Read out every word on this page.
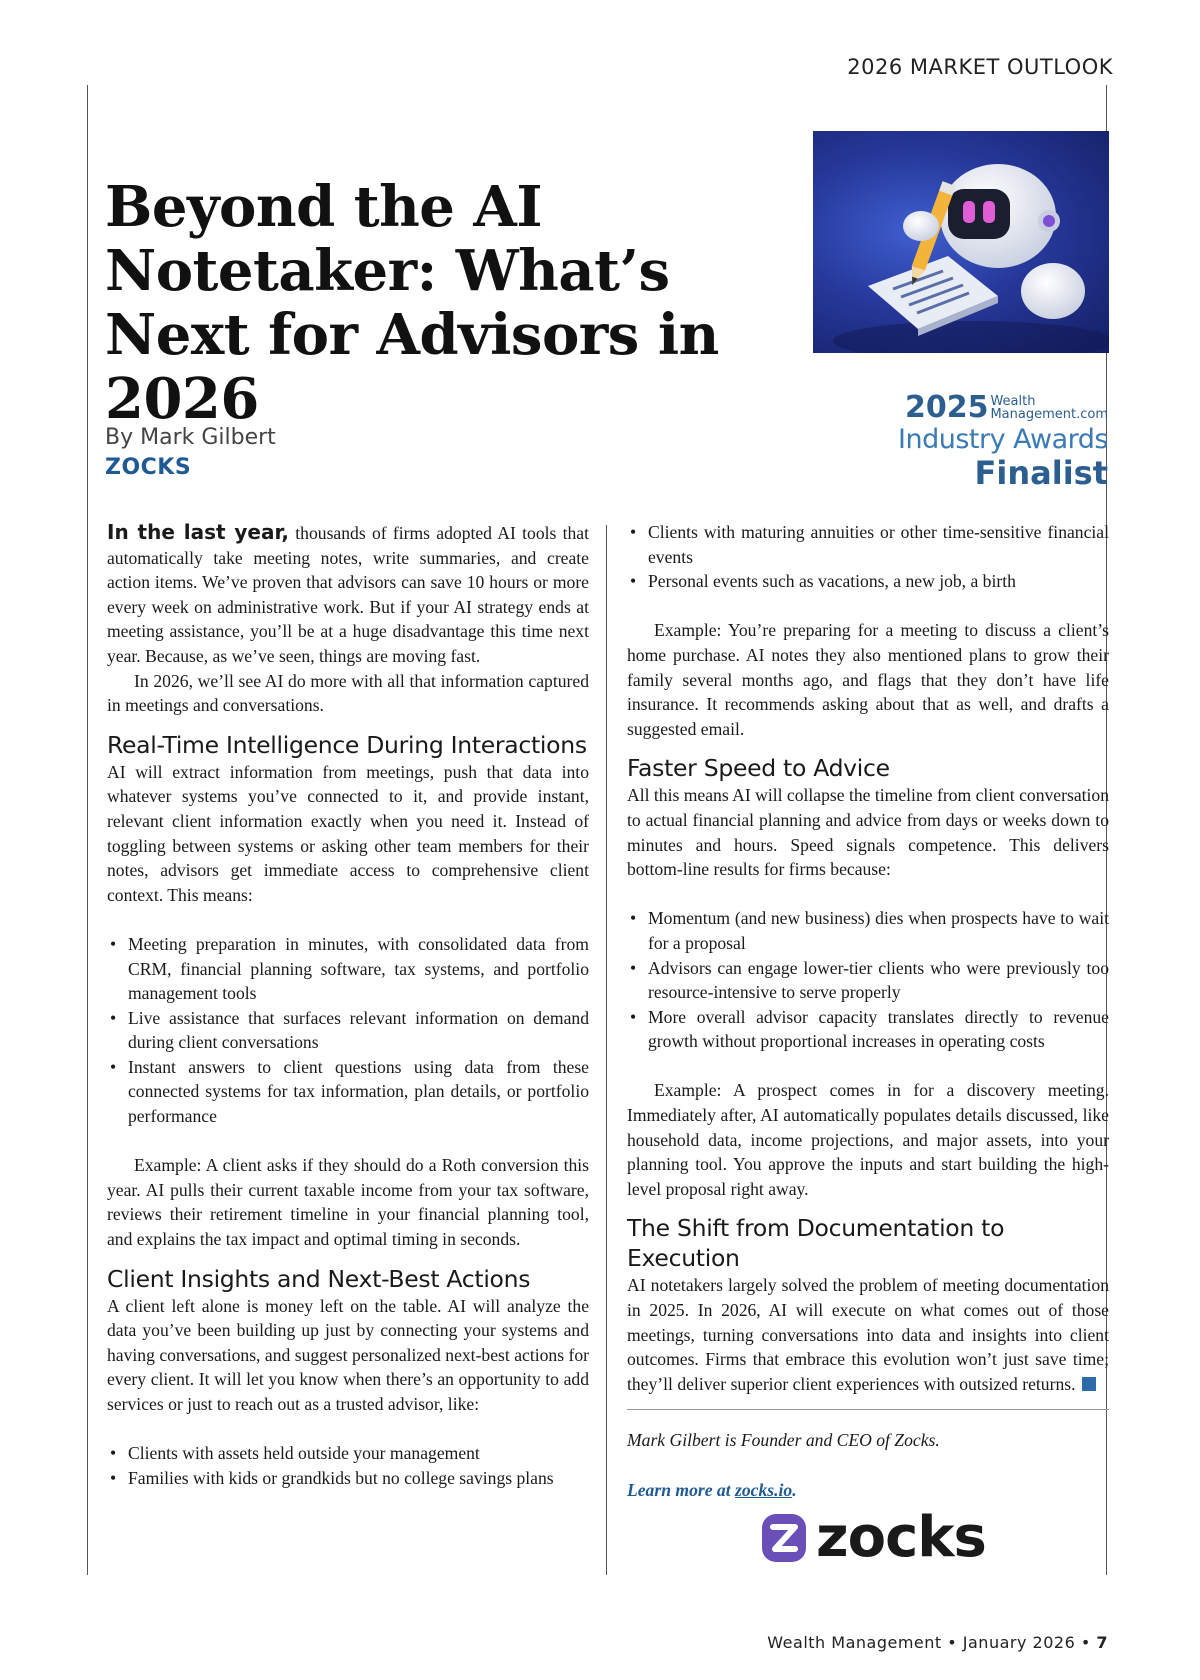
2026 MARKET OUTLOOK
Beyond the AI Notetaker: What’s Next for Advisors in 2026
By Mark Gilbert
ZOCKS
2025 Wealth
Management.com
Industry Awards
Finalist

In the last year, thousands of firms adopted AI tools that automatically take meeting notes, write summaries, and create action items. We’ve proven that advisors can save 10 hours or more every week on administrative work. But if your AI strategy ends at meeting assistance, you’ll be at a huge disadvantage this time next year. Because, as we’ve seen, things are moving fast.

In 2026, we’ll see AI do more with all that information captured in meetings and conversations.

Real-Time Intelligence During Interactions

AI will extract information from meetings, push that data into whatever systems you’ve connected to it, and provide instant, relevant client information exactly when you need it. Instead of toggling between systems or asking other team members for their notes, advisors get immediate access to comprehensive client context. This means:

• Meeting preparation in minutes, with consolidated data from CRM, financial planning software, tax systems, and portfolio management tools
• Live assistance that surfaces relevant information on demand during client conversations
• Instant answers to client questions using data from these connected systems for tax information, plan details, or portfolio performance

Example: A client asks if they should do a Roth conversion this year. AI pulls their current taxable income from your tax software, reviews their retirement timeline in your financial planning tool, and explains the tax impact and optimal timing in seconds.

Client Insights and Next-Best Actions

A client left alone is money left on the table. AI will analyze the data you’ve been building up just by connecting your systems and having conversations, and suggest personalized next-best actions for every client. It will let you know when there’s an opportunity to add services or just to reach out as a trusted advisor, like:

• Clients with assets held outside your management
• Families with kids or grandkids but no college savings plans
• Clients with maturing annuities or other time-sensitive financial events
• Personal events such as vacations, a new job, a birth

Example: You’re preparing for a meeting to discuss a client’s home purchase. AI notes they also mentioned plans to grow their family several months ago, and flags that they don’t have life insurance. It recommends asking about that as well, and drafts a suggested email.

Faster Speed to Advice

All this means AI will collapse the timeline from client conversation to actual financial planning and advice from days or weeks down to minutes and hours. Speed signals competence. This delivers bottom-line results for firms because:

• Momentum (and new business) dies when prospects have to wait for a proposal
• Advisors can engage lower-tier clients who were previously too resource-intensive to serve properly
• More overall advisor capacity translates directly to revenue growth without proportional increases in operating costs

Example: A prospect comes in for a discovery meeting. Immediately after, AI automatically populates details discussed, like household data, income projections, and major assets, into your planning tool. You approve the inputs and start building the high-level proposal right away.

The Shift from Documentation to Execution

AI notetakers largely solved the problem of meeting documentation in 2025. In 2026, AI will execute on what comes out of those meetings, turning conversations into data and insights into client outcomes. Firms that embrace this evolution won’t just save time; they’ll deliver superior client experiences with outsized returns.

Mark Gilbert is Founder and CEO of Zocks.

Learn more at zocks.io.

zocks
Wealth Management • January 2026 • 7
